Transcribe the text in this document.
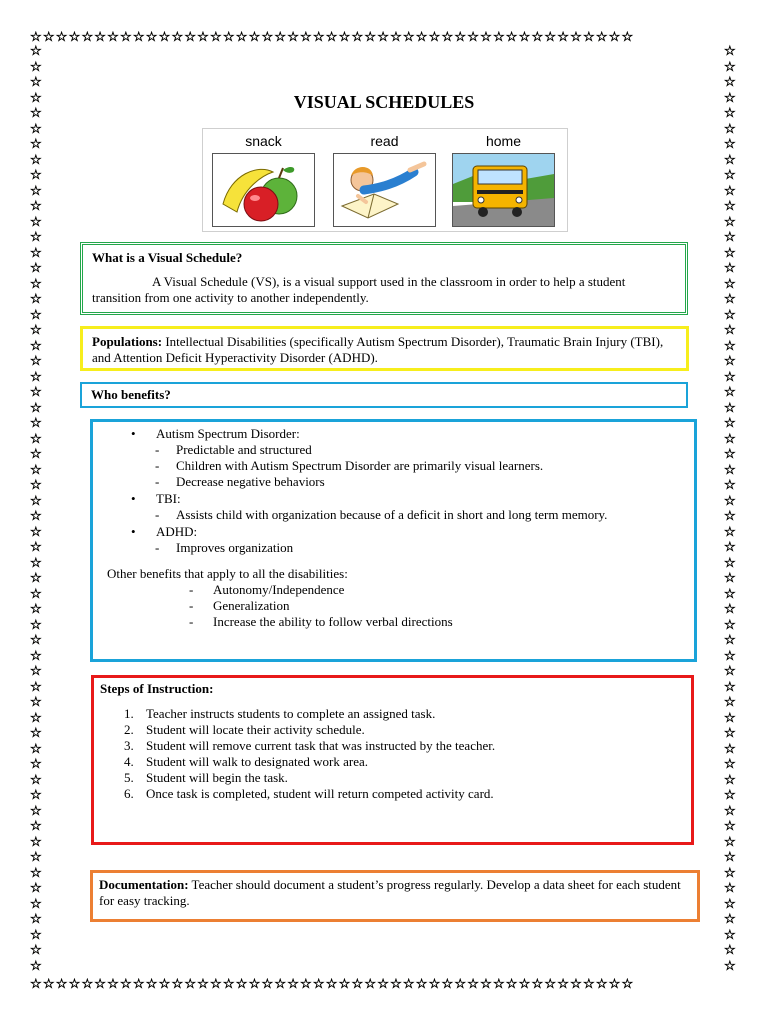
☆☆☆☆☆☆☆☆☆☆☆☆☆☆☆☆☆☆☆☆☆☆☆☆☆☆☆☆☆☆☆☆☆☆☆☆☆☆☆☆☆☆☆☆☆☆☆
☆☆☆☆☆☆☆☆☆☆☆☆☆☆☆☆☆☆☆☆☆☆☆☆☆☆☆☆☆☆☆☆☆☆☆☆☆☆☆☆☆☆☆☆☆☆☆☆☆☆☆☆☆☆☆☆☆☆☆☆
☆☆☆☆☆☆☆☆☆☆☆☆☆☆☆☆☆☆☆☆☆☆☆☆☆☆☆☆☆☆☆☆☆☆☆☆☆☆☆☆☆☆☆☆☆☆☆☆☆☆☆☆☆☆☆☆☆☆☆☆
☆☆☆☆☆☆☆☆☆☆☆☆☆☆☆☆☆☆☆☆☆☆☆☆☆☆☆☆☆☆☆☆☆☆☆☆☆☆☆☆☆☆☆☆☆☆☆
VISUAL SCHEDULES
snack	read	home
What is a Visual Schedule?
A Visual Schedule (VS), is a visual support used in the classroom in order to help a student transition from one activity to another independently.
Populations: Intellectual Disabilities (specifically Autism Spectrum Disorder), Traumatic Brain Injury (TBI), and Attention Deficit Hyperactivity Disorder (ADHD).
Who benefits?
• Autism Spectrum Disorder:
- Predictable and structured
- Children with Autism Spectrum Disorder are primarily visual learners.
- Decrease negative behaviors
• TBI:
- Assists child with organization because of a deficit in short and long term memory.
• ADHD:
- Improves organization
Other benefits that apply to all the disabilities:
- Autonomy/Independence
- Generalization
- Increase the ability to follow verbal directions
Steps of Instruction:
1. Teacher instructs students to complete an assigned task.
2. Student will locate their activity schedule.
3. Student will remove current task that was instructed by the teacher.
4. Student will walk to designated work area.
5. Student will begin the task.
6. Once task is completed, student will return competed activity card.
Documentation: Teacher should document a student’s progress regularly. Develop a data sheet for each student for easy tracking.
